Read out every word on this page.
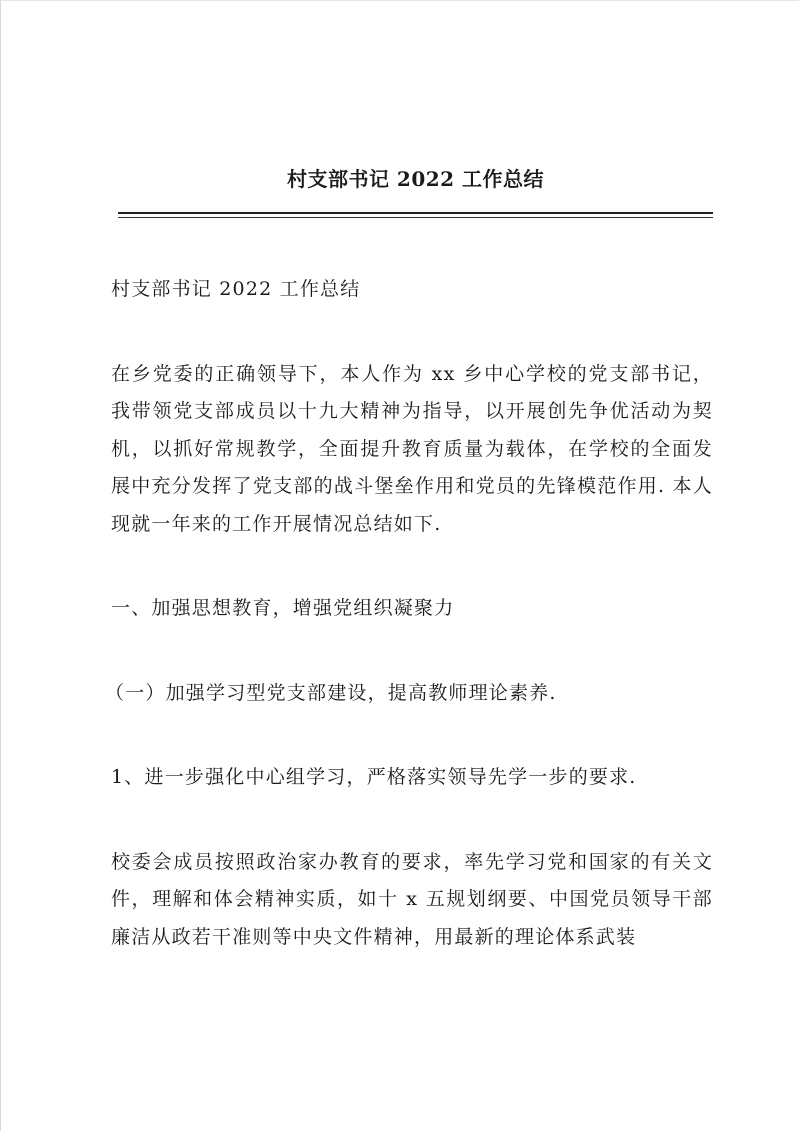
村支部书记 2022 工作总结

村支部书记 2022 工作总结

在乡党委的正确领导下，本人作为 xx 乡中心学校的党支部书记，我带领党支部成员以十九大精神为指导，以开展创先争优活动为契机，以抓好常规教学，全面提升教育质量为载体，在学校的全面发展中充分发挥了党支部的战斗堡垒作用和党员的先锋模范作用. 本人现就一年来的工作开展情况总结如下.

一、加强思想教育，增强党组织凝聚力

（一）加强学习型党支部建设，提高教师理论素养.

1、进一步强化中心组学习，严格落实领导先学一步的要求.

校委会成员按照政治家办教育的要求，率先学习党和国家的有关文件，理解和体会精神实质，如十 x 五规划纲要、中国党员领导干部廉洁从政若干准则等中央文件精神，用最新的理论体系武装
